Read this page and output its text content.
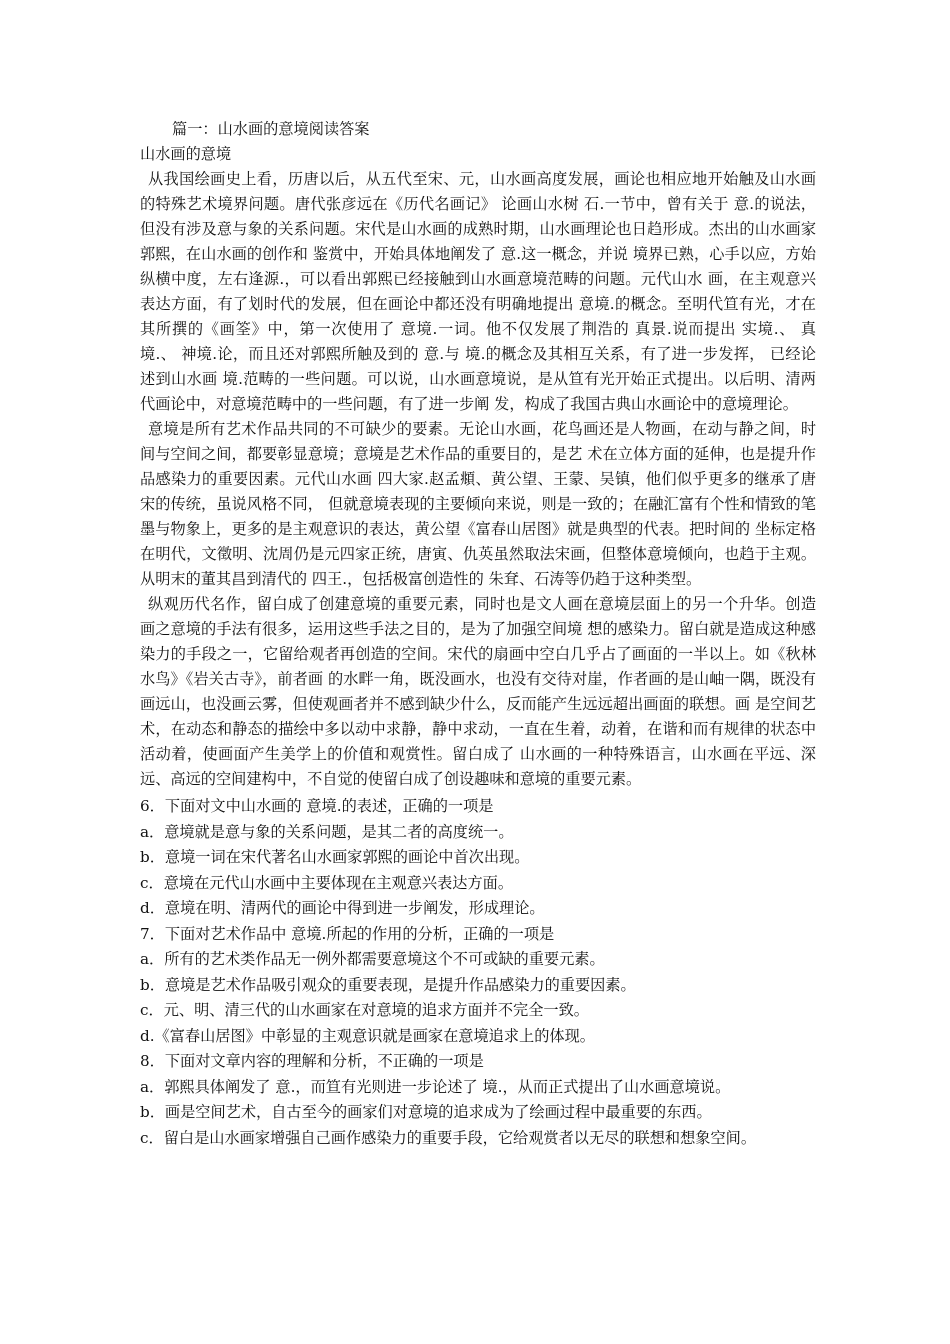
篇一：山水画的意境阅读答案

山水画的意境

从我国绘画史上看，历唐以后，从五代至宋、元，山水画高度发展，画论也相应地开始触及山水画的特殊艺术境界问题。唐代张彦远在《历代名画记》 论画山水树 石.一节中，曾有关于 意.的说法，但没有涉及意与象的关系问题。宋代是山水画的成熟时期，山水画理论也日趋形成。杰出的山水画家郭熙，在山水画的创作和 鉴赏中，开始具体地阐发了 意.这一概念，并说 境界已熟，心手以应，方始纵横中度，左右逢源.，可以看出郭熙已经接触到山水画意境范畴的问题。元代山水 画，在主观意兴表达方面，有了划时代的发展，但在画论中都还没有明确地提出 意境.的概念。至明代笪有光，才在其所撰的《画筌》中，第一次使用了 意境.一词。他不仅发展了荆浩的 真景.说而提出 实境.、 真境.、 神境.论，而且还对郭熙所触及到的 意.与 境.的概念及其相互关系，有了进一步发挥， 已经论述到山水画 境.范畴的一些问题。可以说，山水画意境说，是从笪有光开始正式提出。以后明、清两代画论中，对意境范畴中的一些问题，有了进一步阐 发，构成了我国古典山水画论中的意境理论。

意境是所有艺术作品共同的不可缺少的要素。无论山水画，花鸟画还是人物画，在动与静之间，时间与空间之间，都要彰显意境；意境是艺术作品的重要目的，是艺 术在立体方面的延伸，也是提升作品感染力的重要因素。元代山水画 四大家.赵孟頫、黄公望、王蒙、吴镇，他们似乎更多的继承了唐宋的传统，虽说风格不同， 但就意境表现的主要倾向来说，则是一致的；在融汇富有个性和情致的笔墨与物象上，更多的是主观意识的表达，黄公望《富春山居图》就是典型的代表。把时间的 坐标定格在明代，文徵明、沈周仍是元四家正统，唐寅、仇英虽然取法宋画，但整体意境倾向，也趋于主观。从明末的董其昌到清代的 四王.，包括极富创造性的 朱耷、石涛等仍趋于这种类型。

纵观历代名作，留白成了创建意境的重要元素，同时也是文人画在意境层面上的另一个升华。创造画之意境的手法有很多，运用这些手法之目的，是为了加强空间境 想的感染力。留白就是造成这种感染力的手段之一，它留给观者再创造的空间。宋代的扇画中空白几乎占了画面的一半以上。如《秋林水鸟》《岩关古寺》，前者画 的水畔一角，既没画水，也没有交待对崖，作者画的是山岫一隅，既没有画远山，也没画云雾，但使观画者并不感到缺少什么，反而能产生远远超出画面的联想。画 是空间艺术，在动态和静态的描绘中多以动中求静，静中求动，一直在生着，动着，在谐和而有规律的状态中活动着，使画面产生美学上的价值和观赏性。留白成了 山水画的一种特殊语言，山水画在平远、深远、高远的空间建构中，不自觉的使留白成了创设趣味和意境的重要元素。

6．下面对文中山水画的 意境.的表述，正确的一项是

a．意境就是意与象的关系问题，是其二者的高度统一。

b．意境一词在宋代著名山水画家郭熙的画论中首次出现。

c．意境在元代山水画中主要体现在主观意兴表达方面。

d．意境在明、清两代的画论中得到进一步阐发，形成理论。

7．下面对艺术作品中 意境.所起的作用的分析，正确的一项是

a．所有的艺术类作品无一例外都需要意境这个不可或缺的重要元素。

b．意境是艺术作品吸引观众的重要表现，是提升作品感染力的重要因素。

c．元、明、清三代的山水画家在对意境的追求方面并不完全一致。

d.《富春山居图》中彰显的主观意识就是画家在意境追求上的体现。

8．下面对文章内容的理解和分析，不正确的一项是

a．郭熙具体阐发了 意.，而笪有光则进一步论述了 境.，从而正式提出了山水画意境说。

b．画是空间艺术，自古至今的画家们对意境的追求成为了绘画过程中最重要的东西。

c．留白是山水画家增强自己画作感染力的重要手段，它给观赏者以无尽的联想和想象空间。
